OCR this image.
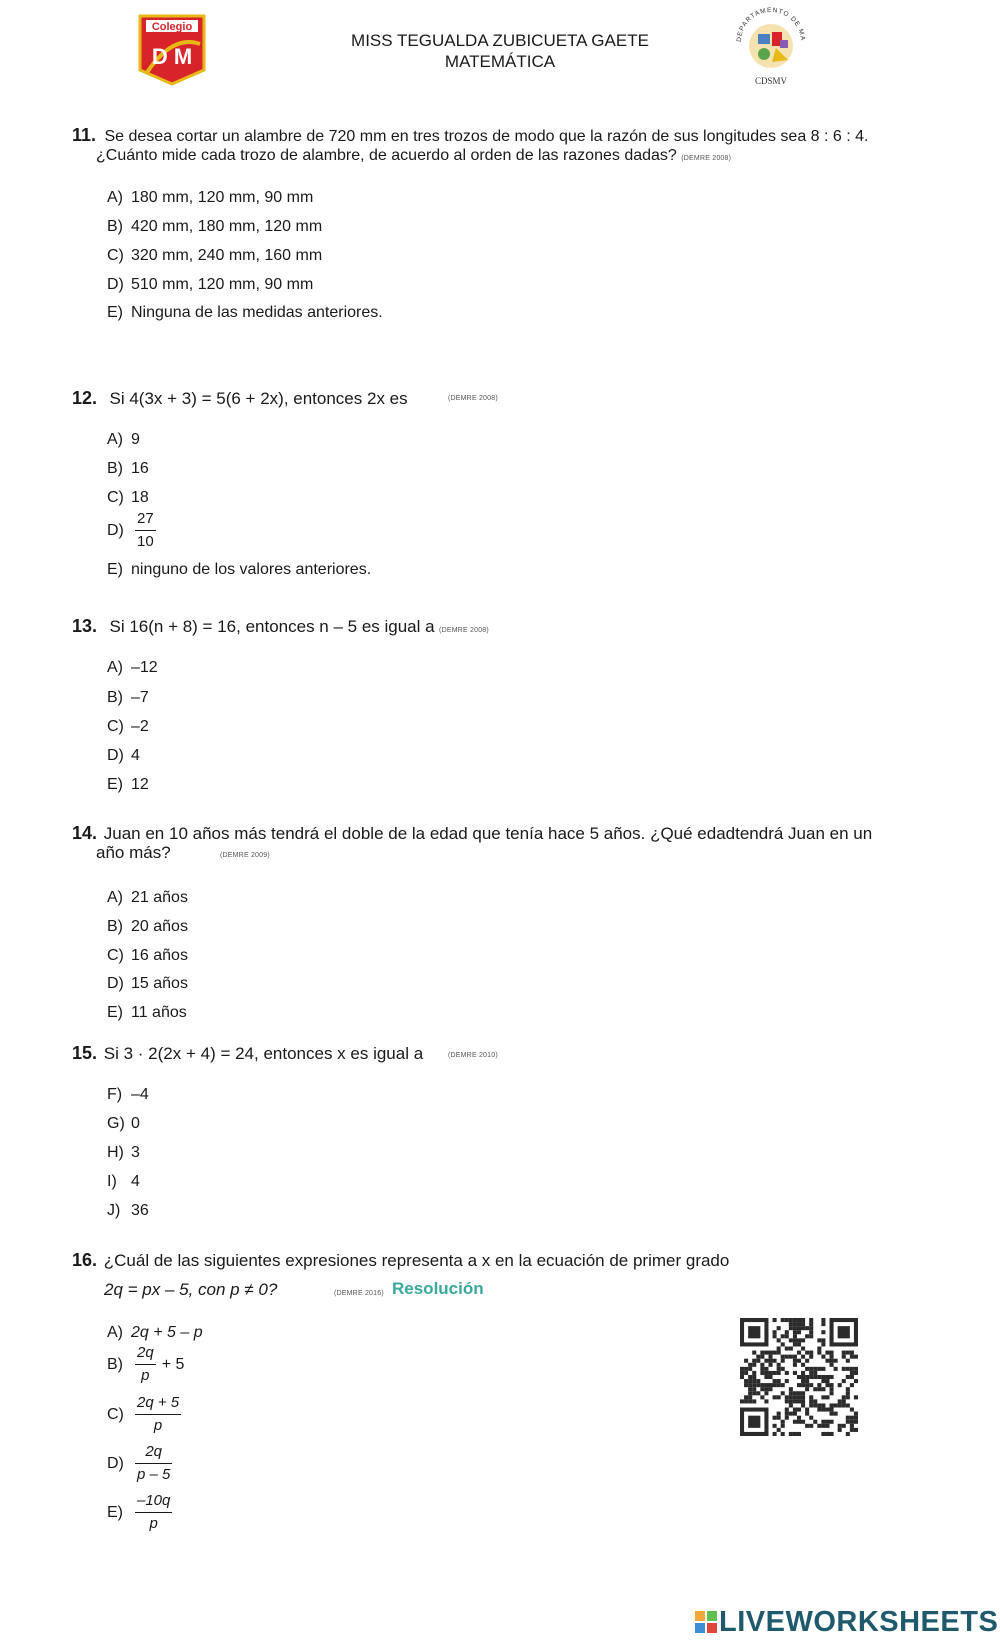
Colegio
D M
MISS TEGUALDA ZUBICUETA GAETE
MATEMÁTICA
DEPARTAMENTO DE MA
CDSMV
11. Se desea cortar un alambre de 720 mm en tres trozos de modo que la razón de sus longitudes sea 8 : 6 : 4.
¿Cuánto mide cada trozo de alambre, de acuerdo al orden de las razones dadas? (DEMRE 2008)
A) 180 mm, 120 mm, 90 mm
B) 420 mm, 180 mm, 120 mm
C) 320 mm, 240 mm, 160 mm
D) 510 mm, 120 mm, 90 mm
E) Ninguna de las medidas anteriores.
12. Si 4(3x + 3) = 5(6 + 2x), entonces 2x es	(DEMRE 2008)
A) 9
B) 16
C) 18
$D) \frac{27}{10}$
E) ninguno de los valores anteriores.
13. Si 16(n + 8) = 16, entonces n – 5 es igual a (DEMRE 2008)
A) –12
B) –7
C) –2
D) 4
E) 12
14. Juan en 10 años más tendrá el doble de la edad que tenía hace 5 años. ¿Qué edadtendrá Juan en un
año más?	(DEMRE 2009)
A) 21 años
B) 20 años
C) 16 años
D) 15 años
E) 11 años
15. Si 3 · 2(2x + 4) = 24, entonces x es igual a	(DEMRE 2010)
F) –4
G) 0
H) 3
I) 4
J) 36
16. ¿Cuál de las siguientes expresiones representa a x en la ecuación de primer grado
2q = px – 5, con p ≠ 0?	(DEMRE 2016) Resolución
A) 2q + 5 – p
$B) \frac{2q}{p} + 5$
$C) \frac{2q + 5}{p}$
$D) \frac{2q}{p - 5}$
$E) \frac{-10q}{p}$
LIVEWORKSHEETS
